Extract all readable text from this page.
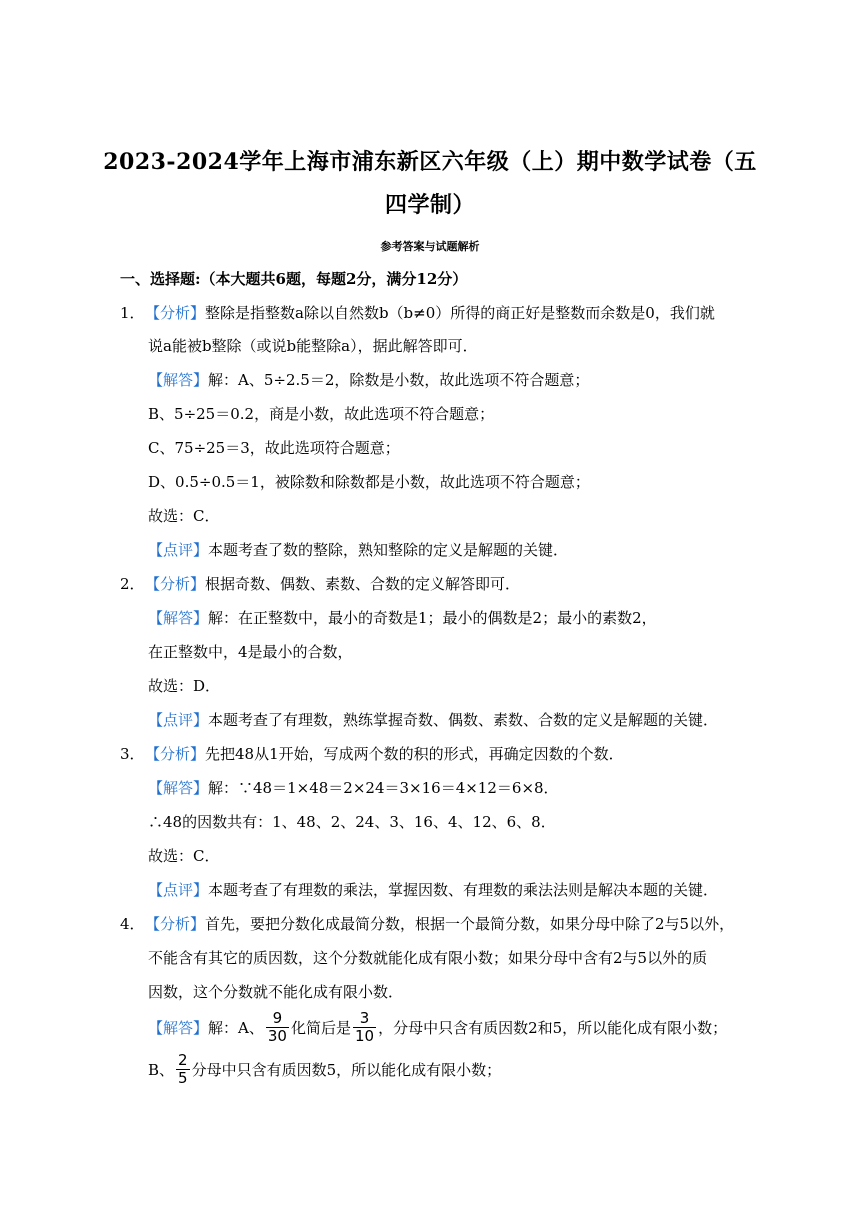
2023-2024学年上海市浦东新区六年级（上）期中数学试卷（五
四学制）
参考答案与试题解析
一、选择题:（本大题共6题，每题2分，满分12分）
1．【分析】整除是指整数a除以自然数b（b≠0）所得的商正好是整数而余数是0，我们就
说a能被b整除（或说b能整除a），据此解答即可．
【解答】解：A、5÷2.5＝2，除数是小数，故此选项不符合题意；
B、5÷25＝0.2，商是小数，故此选项不符合题意；
C、75÷25＝3，故此选项符合题意；
D、0.5÷0.5＝1，被除数和除数都是小数，故此选项不符合题意；
故选：C．
【点评】本题考查了数的整除，熟知整除的定义是解题的关键．
2．【分析】根据奇数、偶数、素数、合数的定义解答即可．
【解答】解：在正整数中，最小的奇数是1；最小的偶数是2；最小的素数2，
在正整数中，4是最小的合数，
故选：D．
【点评】本题考查了有理数，熟练掌握奇数、偶数、素数、合数的定义是解题的关键．
3．【分析】先把48从1开始，写成两个数的积的形式，再确定因数的个数．
【解答】解：∵48＝1×48＝2×24＝3×16＝4×12＝6×8．
∴48的因数共有：1、48、2、24、3、16、4、12、6、8．
故选：C．
【点评】本题考查了有理数的乘法，掌握因数、有理数的乘法法则是解决本题的关键．
4．【分析】首先，要把分数化成最简分数，根据一个最简分数，如果分母中除了2与5以外，
不能含有其它的质因数，这个分数就能化成有限小数；如果分母中含有2与5以外的质
因数，这个分数就不能化成有限小数．
【解答】 解：A、 $\frac{9}{30}$ 化简后是 $\frac{3}{10}$ ，分母中只含有质因数2和5，所以能化成有限小数；
B、 $\frac{2}{5}$ 分母中只含有质因数5，所以能化成有限小数；
